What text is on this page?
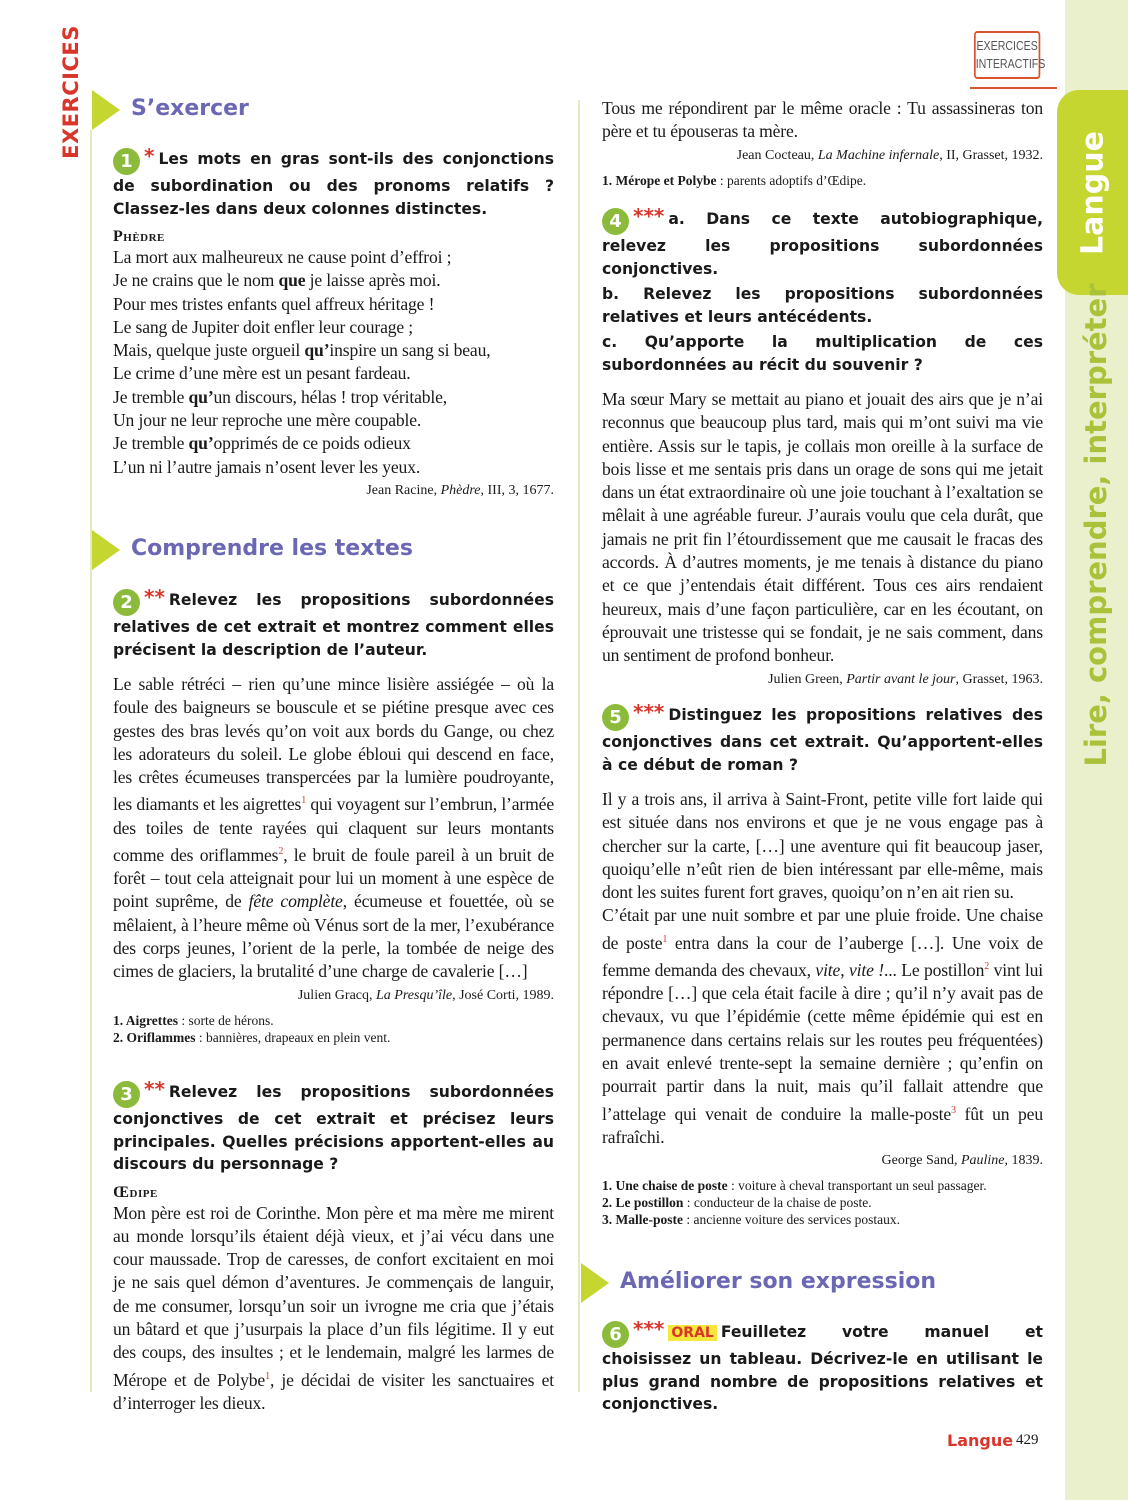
Langue
Lire, comprendre, interpréter
EXERCICES	EXERCICES
INTERACTIFS
S’exercer
1 * Les mots en gras sont-ils des conjonctions de subordination ou des pronoms relatifs ? Classez-les dans deux colonnes distinctes.
Phèdre
La mort aux malheureux ne cause point d’effroi ;
Je ne crains que le nom que je laisse après moi.
Pour mes tristes enfants quel affreux héritage !
Le sang de Jupiter doit enfler leur courage ;
Mais, quelque juste orgueil qu’inspire un sang si beau,
Le crime d’une mère est un pesant fardeau.
Je tremble qu’un discours, hélas ! trop véritable,
Un jour ne leur reproche une mère coupable.
Je tremble qu’opprimés de ce poids odieux
L’un ni l’autre jamais n’osent lever les yeux.
Jean Racine, Phèdre, III, 3, 1677.
Comprendre les textes
2 ** Relevez les propositions subordonnées relatives de cet extrait et montrez comment elles précisent la description de l’auteur.
Le sable rétréci – rien qu’une mince lisière assiégée – où la foule des baigneurs se bouscule et se piétine presque avec ces gestes des bras levés qu’on voit aux bords du Gange, ou chez les adorateurs du soleil. Le globe ébloui qui descend en face, les crêtes écumeuses transpercées par la lumière poudroyante, les diamants et les aigrettes$^1$ qui voyagent sur l’embrun, l’armée des toiles de tente rayées qui claquent sur leurs montants comme des oriflammes$^2$, le bruit de foule pareil à un bruit de forêt – tout cela atteignait pour lui un moment à une espèce de point suprême, de fête complète, écumeuse et fouettée, où se mêlaient, à l’heure même où Vénus sort de la mer, l’exubérance des corps jeunes, l’orient de la perle, la tombée de neige des cimes de glaciers, la brutalité d’une charge de cavalerie […]
Julien Gracq, La Presqu’île, José Corti, 1989.
1. Aigrettes : sorte de hérons.
2. Oriflammes : bannières, drapeaux en plein vent.
3 ** Relevez les propositions subordonnées conjonctives de cet extrait et précisez leurs principales. Quelles précisions apportent-elles au discours du personnage ?
Œdipe
Mon père est roi de Corinthe. Mon père et ma mère me mirent au monde lorsqu’ils étaient déjà vieux, et j’ai vécu dans une cour maussade. Trop de caresses, de confort excitaient en moi je ne sais quel démon d’aventures. Je commençais de languir, de me consumer, lorsqu’un soir un ivrogne me cria que j’étais un bâtard et que j’usurpais la place d’un fils légitime. Il y eut des coups, des insultes ; et le lendemain, malgré les larmes de Mérope et de Polybe$^1$, je décidai de visiter les sanctuaires et d’interroger les dieux.
Tous me répondirent par le même oracle : Tu assassineras ton père et tu épouseras ta mère.
Jean Cocteau, La Machine infernale, II, Grasset, 1932.
1. Mérope et Polybe : parents adoptifs d’Œdipe.
4 *** a. Dans ce texte autobiographique, relevez les propositions subordonnées conjonctives.
b. Relevez les propositions subordonnées relatives et leurs antécédents.
c. Qu’apporte la multiplication de ces subordonnées au récit du souvenir ?
Ma sœur Mary se mettait au piano et jouait des airs que je n’ai reconnus que beaucoup plus tard, mais qui m’ont suivi ma vie entière. Assis sur le tapis, je collais mon oreille à la surface de bois lisse et me sentais pris dans un orage de sons qui me jetait dans un état extraordinaire où une joie touchant à l’exaltation se mêlait à une agréable fureur. J’aurais voulu que cela durât, que jamais ne prit fin l’étourdissement que me causait le fracas des accords. À d’autres moments, je me tenais à distance du piano et ce que j’entendais était différent. Tous ces airs rendaient heureux, mais d’une façon particulière, car en les écoutant, on éprouvait une tristesse qui se fondait, je ne sais comment, dans un sentiment de profond bonheur.
Julien Green, Partir avant le jour, Grasset, 1963.
5 *** Distinguez les propositions relatives des conjonctives dans cet extrait. Qu’apportent-elles à ce début de roman ?
Il y a trois ans, il arriva à Saint-Front, petite ville fort laide qui est située dans nos environs et que je ne vous engage pas à chercher sur la carte, […] une aventure qui fit beaucoup jaser, quoiqu’elle n’eût rien de bien intéressant par elle-même, mais dont les suites furent fort graves, quoiqu’on n’en ait rien su.
C’était par une nuit sombre et par une pluie froide. Une chaise de poste$^1$ entra dans la cour de l’auberge […]. Une voix de femme demanda des chevaux, vite, vite !... Le postillon$^2$ vint lui répondre […] que cela était facile à dire ; qu’il n’y avait pas de chevaux, vu que l’épidémie (cette même épidémie qui est en permanence dans certains relais sur les routes peu fréquentées) en avait enlevé trente-sept la semaine dernière ; qu’enfin on pourrait partir dans la nuit, mais qu’il fallait attendre que l’attelage qui venait de conduire la malle-poste$^3$ fût un peu rafraîchi.
George Sand, Pauline, 1839.
1. Une chaise de poste : voiture à cheval transportant un seul passager.
2. Le postillon : conducteur de la chaise de poste.
3. Malle-poste : ancienne voiture des services postaux.
Améliorer son expression
6 *** ORAL Feuilletez votre manuel et choisissez un tableau. Décrivez-le en utilisant le plus grand nombre de propositions relatives et conjonctives.
Langue 429
